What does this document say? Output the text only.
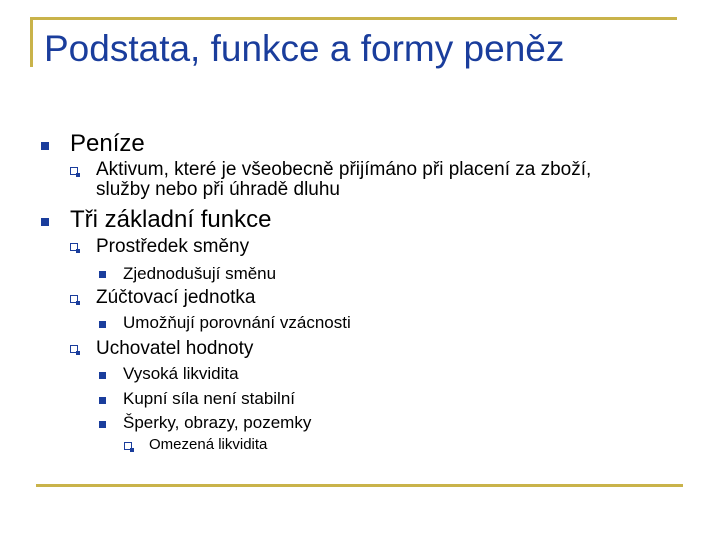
Podstata, funkce a formy peněz
Peníze
Aktivum, které je všeobecně přijímáno při placení za zboží,
služby nebo při úhradě dluhu
Tři základní funkce
Prostředek směny
Zjednodušují směnu
Zúčtovací jednotka
Umožňují porovnání vzácnosti
Uchovatel hodnoty
Vysoká likvidita
Kupní síla není stabilní
Šperky, obrazy, pozemky
Omezená likvidita
